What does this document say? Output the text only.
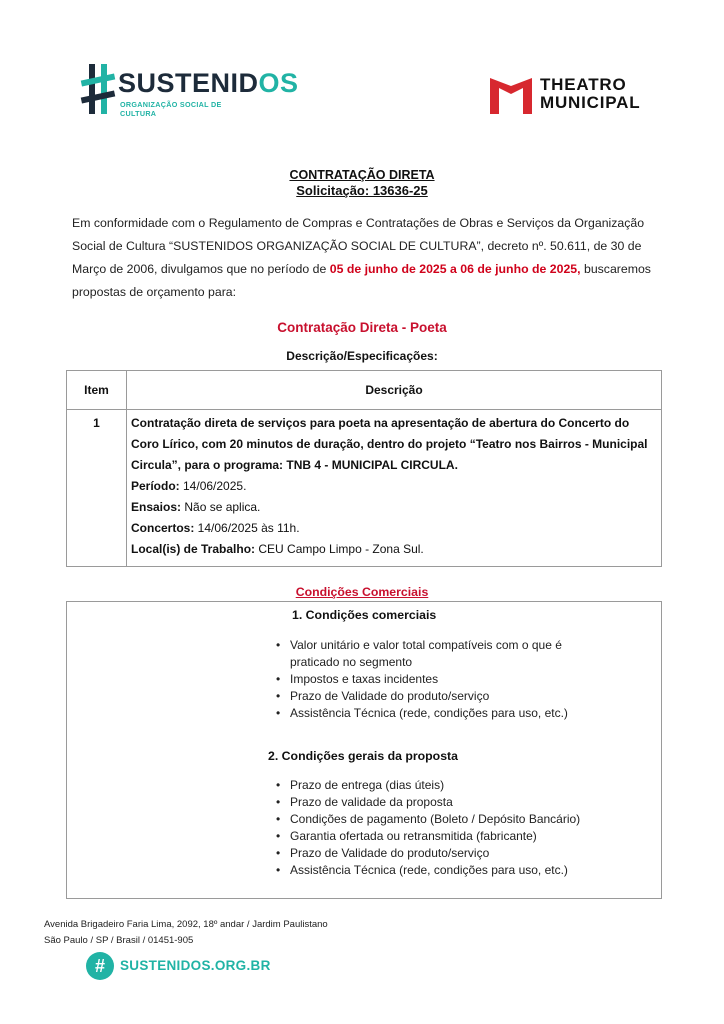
SUSTENIDOS
ORGANIZAÇÃO SOCIAL DE CULTURA
THEATRO
MUNICIPAL
CONTRATAÇÃO DIRETA
Solicitação: 13636-25
Em conformidade com o Regulamento de Compras e Contratações de Obras e Serviços da Organização Social de Cultura “SUSTENIDOS ORGANIZAÇÃO SOCIAL DE CULTURA”, decreto nº. 50.611, de 30 de Março de 2006, divulgamos que no período de 05 de junho de 2025 a 06 de junho de 2025, buscaremos propostas de orçamento para:
Contratação Direta - Poeta
Descrição/Especificações:
Item	Descrição
1	Contratação direta de serviços para poeta na apresentação de abertura do Concerto do Coro Lírico, com 20 minutos de duração, dentro do projeto “Teatro nos Bairros - Municipal Circula”, para o programa: TNB 4 - MUNICIPAL CIRCULA.
Período: 14/06/2025.
Ensaios: Não se aplica.
Concertos: 14/06/2025 às 11h.
Local(is) de Trabalho: CEU Campo Limpo - Zona Sul.
Condições Comerciais
1. Condições comerciais
• Valor unitário e valor total compatíveis com o que é praticado no segmento
• Impostos e taxas incidentes
• Prazo de Validade do produto/serviço
• Assistência Técnica (rede, condições para uso, etc.)
2. Condições gerais da proposta
• Prazo de entrega (dias úteis)
• Prazo de validade da proposta
• Condições de pagamento (Boleto / Depósito Bancário)
• Garantia ofertada ou retransmitida (fabricante)
• Prazo de Validade do produto/serviço
• Assistência Técnica (rede, condições para uso, etc.)
Avenida Brigadeiro Faria Lima, 2092, 18º andar / Jardim Paulistano
São Paulo / SP / Brasil / 01451-905
#	SUSTENIDOS.ORG.BR
